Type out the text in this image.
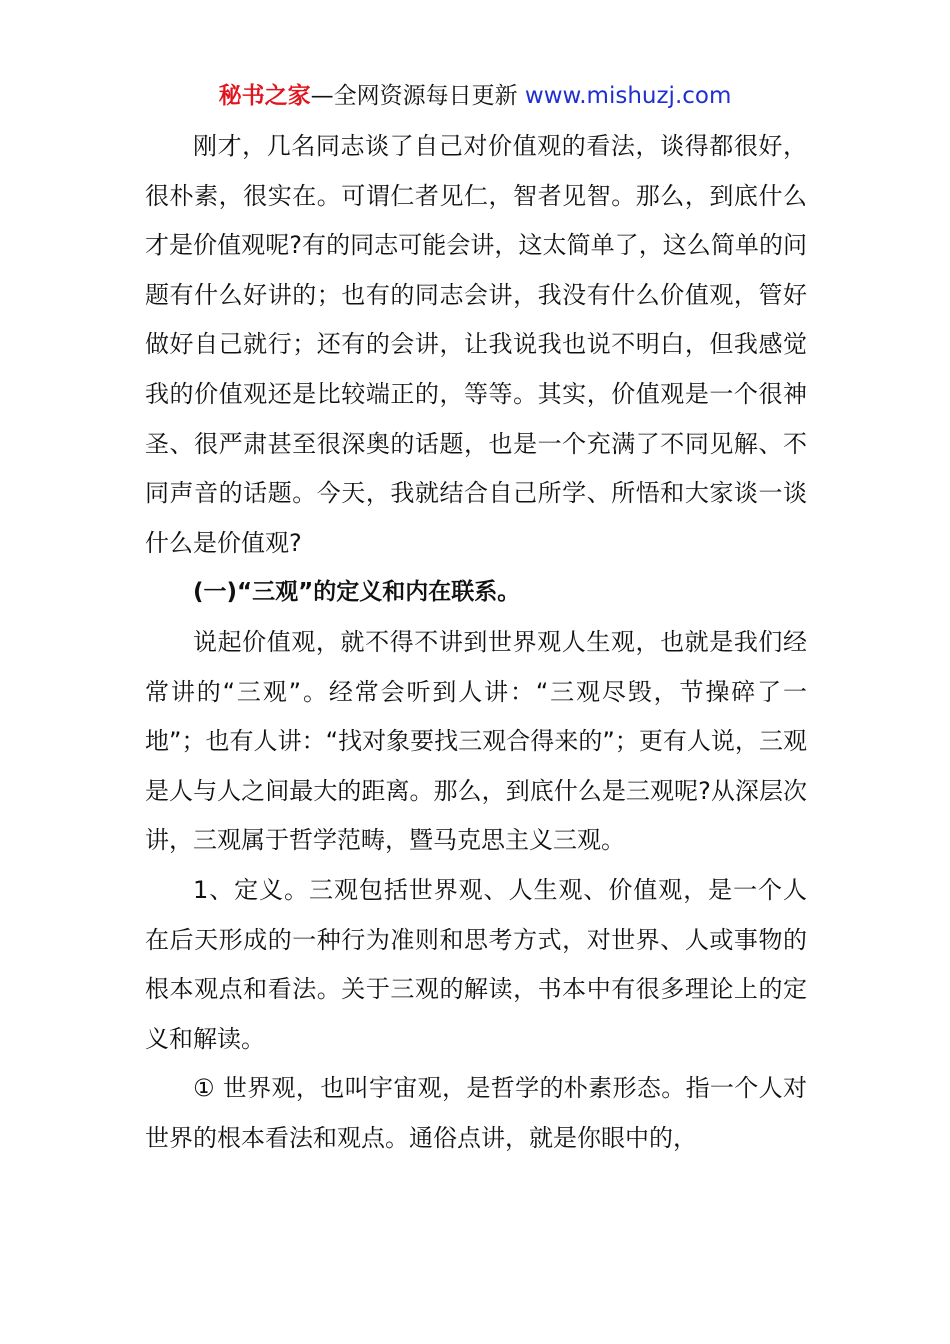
秘书之家—全网资源每日更新 www.mishuzj.com

刚才，几名同志谈了自己对价值观的看法，谈得都很好，很朴素，很实在。可谓仁者见仁，智者见智。那么，到底什么才是价值观呢?有的同志可能会讲，这太简单了，这么简单的问题有什么好讲的；也有的同志会讲，我没有什么价值观，管好做好自己就行；还有的会讲，让我说我也说不明白，但我感觉我的价值观还是比较端正的，等等。其实，价值观是一个很神圣、很严肃甚至很深奥的话题，也是一个充满了不同见解、不同声音的话题。今天，我就结合自己所学、所悟和大家谈一谈什么是价值观?

(一)“三观”的定义和内在联系。

说起价值观，就不得不讲到世界观人生观，也就是我们经常讲的“三观”。经常会听到人讲：“三观尽毁，节操碎了一地”；也有人讲：“找对象要找三观合得来的”；更有人说，三观是人与人之间最大的距离。那么，到底什么是三观呢?从深层次讲，三观属于哲学范畴，暨马克思主义三观。

1、定义。三观包括世界观、人生观、价值观，是一个人在后天形成的一种行为准则和思考方式，对世界、人或事物的根本观点和看法。关于三观的解读，书本中有很多理论上的定义和解读。

① 世界观，也叫宇宙观，是哲学的朴素形态。指一个人对世界的根本看法和观点。通俗点讲，就是你眼中的，
